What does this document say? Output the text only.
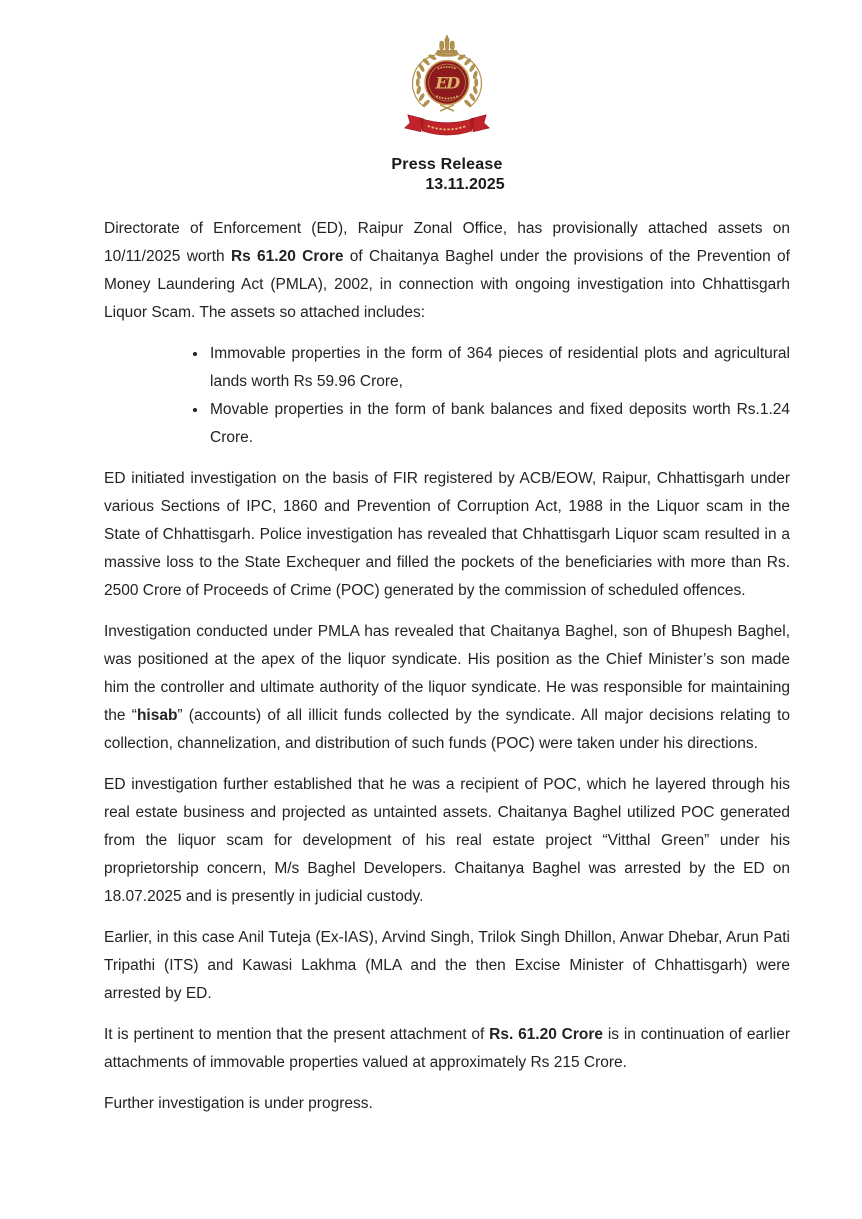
ED
Press Release
13.11.2025

Directorate of Enforcement (ED), Raipur Zonal Office, has provisionally attached assets on 10/11/2025 worth Rs 61.20 Crore of Chaitanya Baghel under the provisions of the Prevention of Money Laundering Act (PMLA), 2002, in connection with ongoing investigation into Chhattisgarh Liquor Scam. The assets so attached includes:

• Immovable properties in the form of 364 pieces of residential plots and agricultural lands worth Rs 59.96 Crore,
• Movable properties in the form of bank balances and fixed deposits worth Rs.1.24 Crore.

ED initiated investigation on the basis of FIR registered by ACB/EOW, Raipur, Chhattisgarh under various Sections of IPC, 1860 and Prevention of Corruption Act, 1988 in the Liquor scam in the State of Chhattisgarh. Police investigation has revealed that Chhattisgarh Liquor scam resulted in a massive loss to the State Exchequer and filled the pockets of the beneficiaries with more than Rs. 2500 Crore of Proceeds of Crime (POC) generated by the commission of scheduled offences.

Investigation conducted under PMLA has revealed that Chaitanya Baghel, son of Bhupesh Baghel, was positioned at the apex of the liquor syndicate. His position as the Chief Minister’s son made him the controller and ultimate authority of the liquor syndicate. He was responsible for maintaining the “hisab” (accounts) of all illicit funds collected by the syndicate. All major decisions relating to collection, channelization, and distribution of such funds (POC) were taken under his directions.

ED investigation further established that he was a recipient of POC, which he layered through his real estate business and projected as untainted assets. Chaitanya Baghel utilized POC generated from the liquor scam for development of his real estate project “Vitthal Green” under his proprietorship concern, M/s Baghel Developers. Chaitanya Baghel was arrested by the ED on 18.07.2025 and is presently in judicial custody.

Earlier, in this case Anil Tuteja (Ex-IAS), Arvind Singh, Trilok Singh Dhillon, Anwar Dhebar, Arun Pati Tripathi (ITS) and Kawasi Lakhma (MLA and the then Excise Minister of Chhattisgarh) were arrested by ED.

It is pertinent to mention that the present attachment of Rs. 61.20 Crore is in continuation of earlier attachments of immovable properties valued at approximately Rs 215 Crore.

Further investigation is under progress.
